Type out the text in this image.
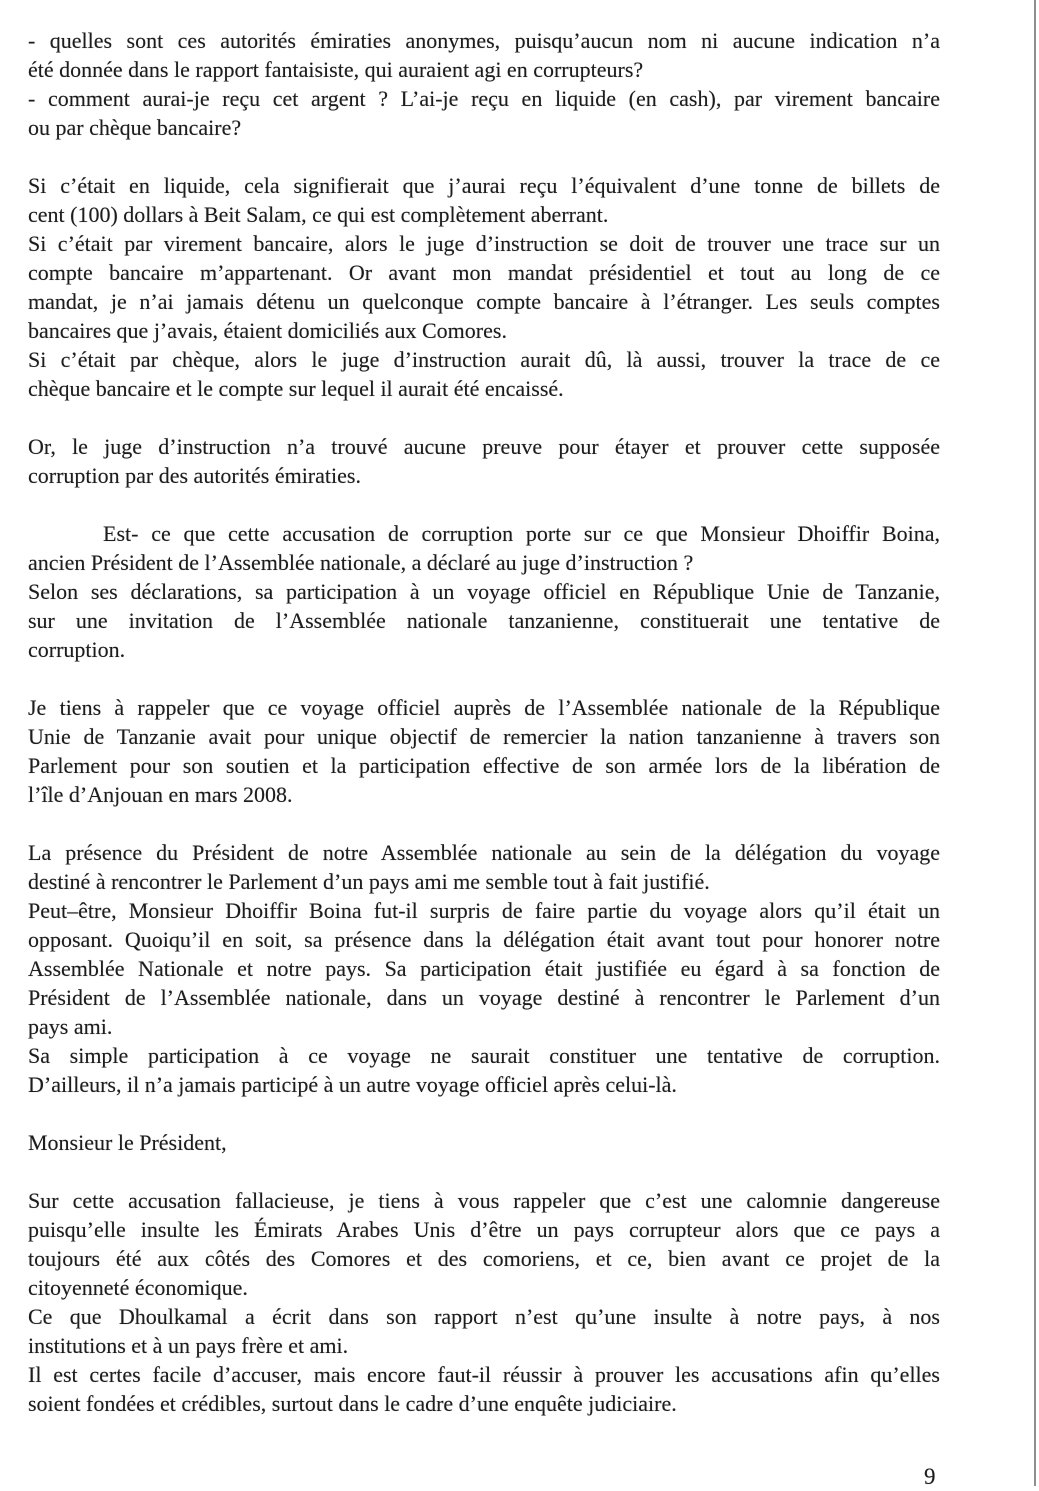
- quelles sont ces autorités émiraties anonymes, puisqu’aucun nom ni aucune indication n’a
été donnée dans le rapport fantaisiste, qui auraient agi en corrupteurs?
- comment aurai-je reçu cet argent ? L’ai-je reçu en liquide (en cash), par virement bancaire
ou par chèque bancaire?
Si c’était en liquide, cela signifierait que j’aurai reçu l’équivalent d’une tonne de billets de
cent (100) dollars à Beit Salam, ce qui est complètement aberrant.
Si c’était par virement bancaire, alors le juge d’instruction se doit de trouver une trace sur un
compte bancaire m’appartenant. Or avant mon mandat présidentiel et tout au long de ce
mandat, je n’ai jamais détenu un quelconque compte bancaire à l’étranger. Les seuls comptes
bancaires que j’avais, étaient domiciliés aux Comores.
Si c’était par chèque, alors le juge d’instruction aurait dû, là aussi, trouver la trace de ce
chèque bancaire et le compte sur lequel il aurait été encaissé.
Or, le juge d’instruction n’a trouvé aucune preuve pour étayer et prouver cette supposée
corruption par des autorités émiraties.
Est- ce que cette accusation de corruption porte sur ce que Monsieur Dhoiffir Boina,
ancien Président de l’Assemblée nationale, a déclaré au juge d’instruction ?
Selon ses déclarations, sa participation à un voyage officiel en République Unie de Tanzanie,
sur une invitation de l’Assemblée nationale tanzanienne, constituerait une tentative de
corruption.
Je tiens à rappeler que ce voyage officiel auprès de l’Assemblée nationale de la République
Unie de Tanzanie avait pour unique objectif de remercier la nation tanzanienne à travers son
Parlement pour son soutien et la participation effective de son armée lors de la libération de
l’île d’Anjouan en mars 2008.
La présence du Président de notre Assemblée nationale au sein de la délégation du voyage
destiné à rencontrer le Parlement d’un pays ami me semble tout à fait justifié.
Peut–être, Monsieur Dhoiffir Boina fut-il surpris de faire partie du voyage alors qu’il était un
opposant. Quoiqu’il en soit, sa présence dans la délégation était avant tout pour honorer notre
Assemblée Nationale et notre pays. Sa participation était justifiée eu égard à sa fonction de
Président de l’Assemblée nationale, dans un voyage destiné à rencontrer le Parlement d’un
pays ami.
Sa simple participation à ce voyage ne saurait constituer une tentative de corruption.
D’ailleurs, il n’a jamais participé à un autre voyage officiel après celui-là.
Monsieur le Président,
Sur cette accusation fallacieuse, je tiens à vous rappeler que c’est une calomnie dangereuse
puisqu’elle insulte les Émirats Arabes Unis d’être un pays corrupteur alors que ce pays a
toujours été aux côtés des Comores et des comoriens, et ce, bien avant ce projet de la
citoyenneté économique.
Ce que Dhoulkamal a écrit dans son rapport n’est qu’une insulte à notre pays, à nos
institutions et à un pays frère et ami.
Il est certes facile d’accuser, mais encore faut-il réussir à prouver les accusations afin qu’elles
soient fondées et crédibles, surtout dans le cadre d’une enquête judiciaire.
9
